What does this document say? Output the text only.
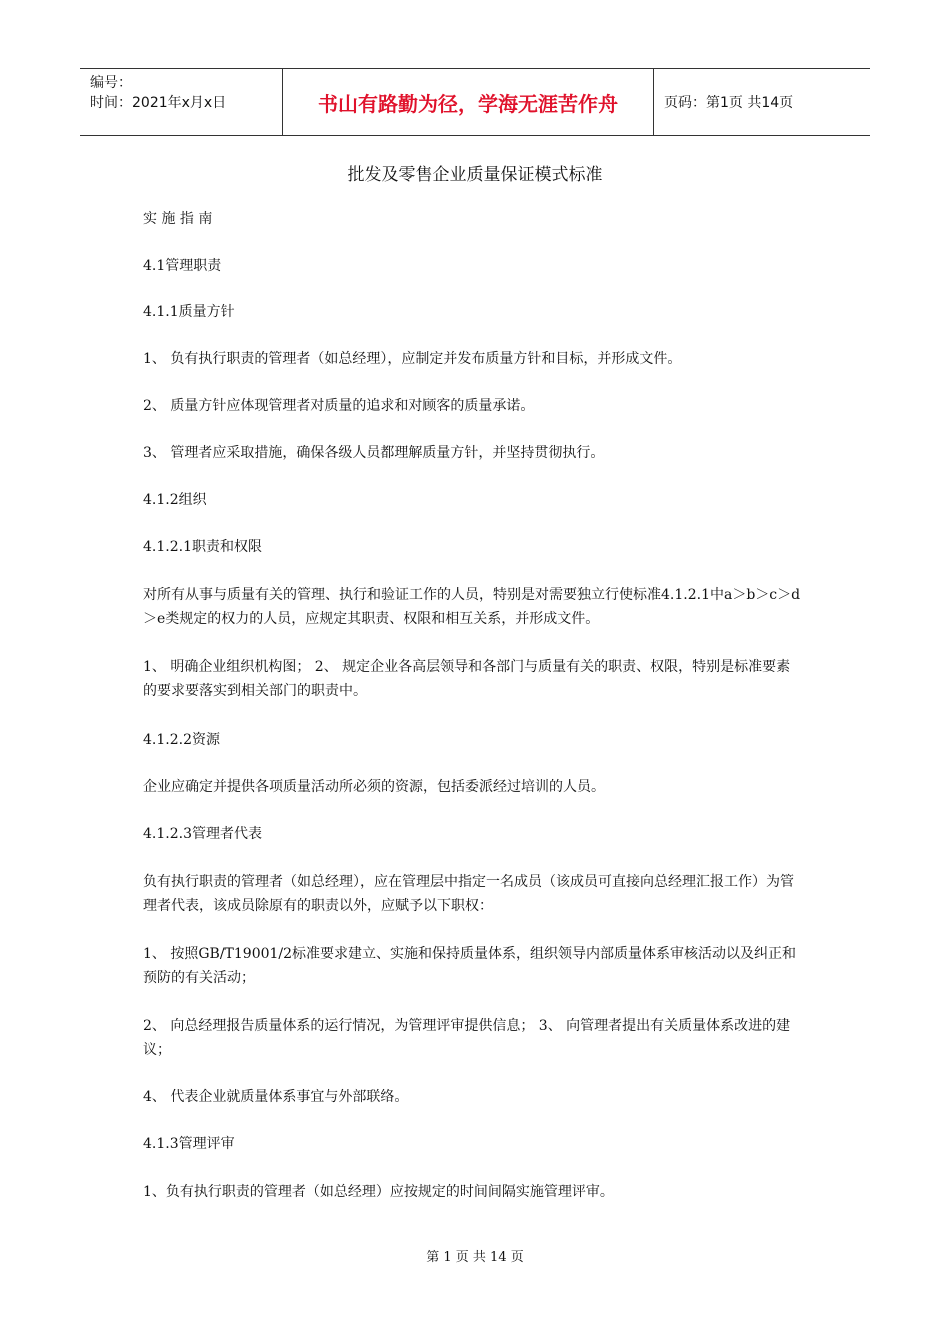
编号：
时间：2021年x月x日	书山有路勤为径，学海无涯苦作舟	页码：第1页 共14页
批发及零售企业质量保证模式标准

实 施 指 南

4.1管理职责

4.1.1质量方针

1、 负有执行职责的管理者（如总经理），应制定并发布质量方针和目标，并形成文件。

2、 质量方针应体现管理者对质量的追求和对顾客的质量承诺。

3、 管理者应采取措施，确保各级人员都理解质量方针，并坚持贯彻执行。

4.1.2组织

4.1.2.1职责和权限

对所有从事与质量有关的管理、执行和验证工作的人员，特别是对需要独立行使标准4.1.2.1中a＞b＞c＞d＞e类规定的权力的人员，应规定其职责、权限和相互关系，并形成文件。

1、 明确企业组织机构图； 2、 规定企业各高层领导和各部门与质量有关的职责、权限，特别是标准要素的要求要落实到相关部门的职责中。

4.1.2.2资源

企业应确定并提供各项质量活动所必须的资源，包括委派经过培训的人员。

4.1.2.3管理者代表

负有执行职责的管理者（如总经理），应在管理层中指定一名成员（该成员可直接向总经理汇报工作）为管理者代表，该成员除原有的职责以外，应赋予以下职权：

1、 按照GB/T19001/2标准要求建立、实施和保持质量体系，组织领导内部质量体系审核活动以及纠正和预防的有关活动；

2、 向总经理报告质量体系的运行情况，为管理评审提供信息； 3、 向管理者提出有关质量体系改进的建议；

4、 代表企业就质量体系事宜与外部联络。

4.1.3管理评审

1、负有执行职责的管理者（如总经理）应按规定的时间间隔实施管理评审。

第 1 页 共 14 页
